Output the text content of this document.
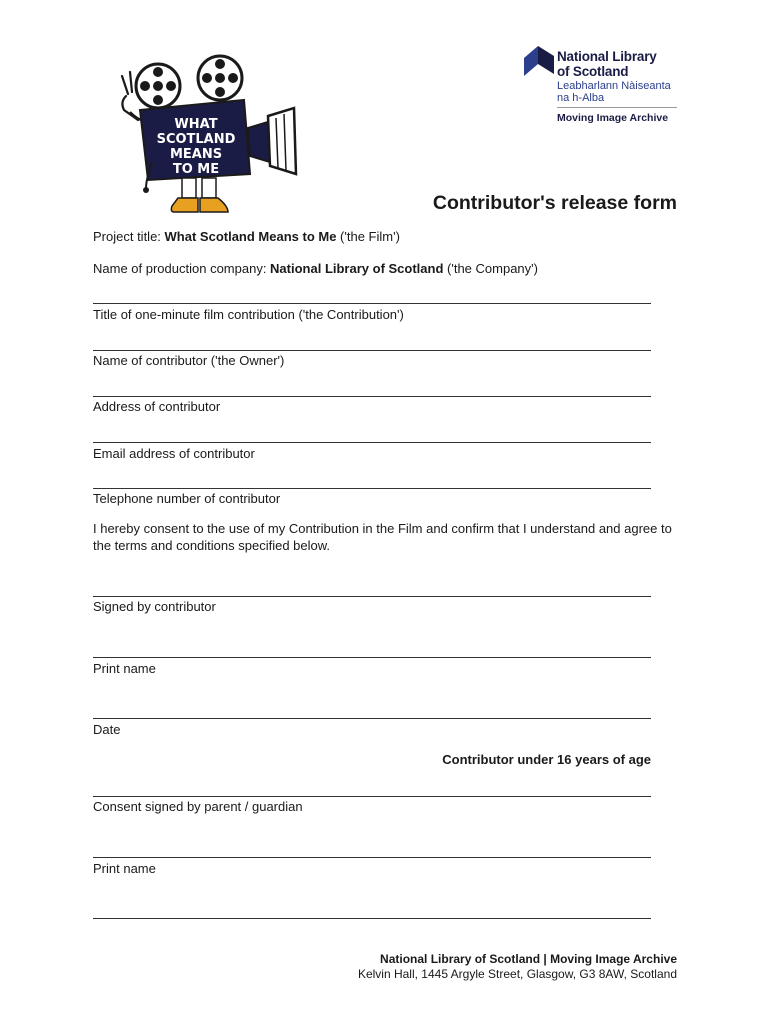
WHAT
SCOTLAND
MEANS
TO ME
National Library
of Scotland
Leabharlann Nàiseanta
na h-Alba
Moving Image Archive
Contributor's release form
Project title: What Scotland Means to Me ('the Film')
Name of production company: National Library of Scotland ('the Company')
Title of one-minute film contribution ('the Contribution')
Name of contributor ('the Owner')
Address of contributor
Email address of contributor
Telephone number of contributor
I hereby consent to the use of my Contribution in the Film and confirm that I understand and agree to the terms and conditions specified below.
Signed by contributor
Print name
Date
Contributor under 16 years of age
Consent signed by parent / guardian
Print name
National Library of Scotland | Moving Image Archive
Kelvin Hall, 1445 Argyle Street, Glasgow, G3 8AW, Scotland
